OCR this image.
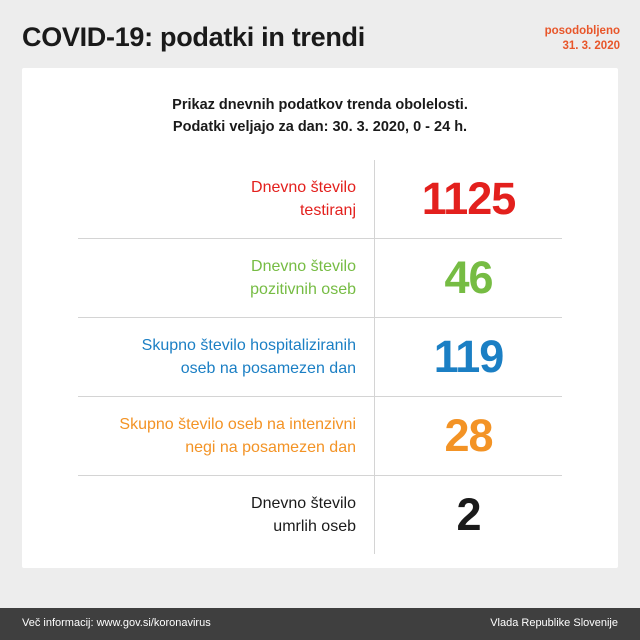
COVID-19: podatki in trendi	posodobljeno
31. 3. 2020
Prikaz dnevnih podatkov trenda obolelosti.
Podatki veljajo za dan: 30. 3. 2020, 0 - 24 h.
Dnevno število
testiranj	1125
Dnevno število
pozitivnih oseb	46
Skupno število hospitaliziranih
oseb na posamezen dan	119
Skupno število oseb na intenzivni
negi na posamezen dan	28
Dnevno število
umrlih oseb	2
Več informacij: www.gov.si/koronavirus	Vlada Republike Slovenije
